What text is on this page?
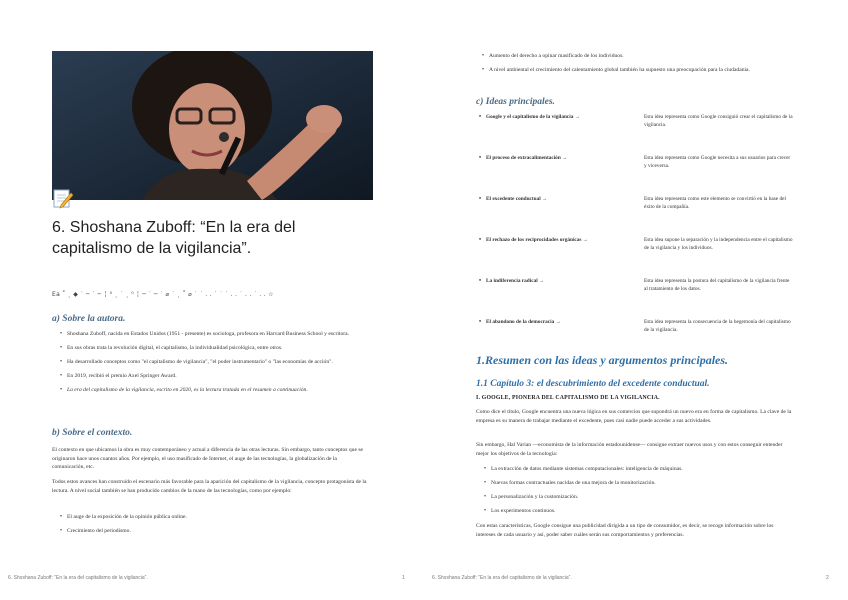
6. Shoshana Zuboff: “En la era del capitalismo de la vigilancia”.
Ea ˚ ˛ ◆ ˙ ─ ˙ ─ ╎ ⁰ ˛ ˙ ˛ ⁰ ╎ ─ ˙ ─ ˙ ⌀ ˙ ˛ ˚ ⌀ ˙ ˙ . . ˙ ˙ ˙ . . ˙ . . ˙ . . ☆
a) Sobre la autora.
• Shoshana Zuboff, nacida en Estados Unidos (1951 - presente) es sociologa, profesora en Harvard Business School y escritora.
• En sus obras trata la revolución digital, el capitalismo, la individualidad psicológica, entre otros.
• Ha desarrollado conceptos como "el capitalismo de vigilancia", "el poder instrumentario" o "las economías de acción".
• En 2019, recibió el premio Axel Springer Award.
• La era del capitalismo de la vigilancia, escrito en 2020, es la lectura tratada en el resumen a continuación.
b) Sobre el contexto.

El contexto en que ubicamos la obra es muy contemporáneo y actual a diferencia de las otras lecturas. Sin embargo, tanto conceptos que se originaron hace unos cuantos años. Por ejemplo, el uso masificado de Internet, el auge de las tecnologías, la globalización de la comunicación, etc.

Todos estos avances han construido el escenario más favorable para la aparición del capitalismo de la vigilancia, concepto protagonista de la lectura. A nivel social también se han producido cambios de la mano de las tecnologías, como por ejemplo:

• El auge de la exposición de la opinión pública online.
• Crecimiento del periodismo.
6. Shoshana Zuboff: “En la era del capitalismo de la vigilancia”.	1
• Aumento del derecho a opinar masificado de los individuos.
• A nivel ambiental el crecimiento del calentamiento global también ha supuesto una preocupación para la ciudadanía.
c) Ideas principales.
• Google y el capitalismo de la vigilancia →	Esta idea representa como Google consiguió crear el capitalismo de la vigilancia.
• El proceso de extracalimentación →	Esta idea representa como Google necesita a sus usuarios para crecer y viceversa.
• El excedente conductual →	Esta idea representa como este elemento se convirtió en la base del éxito de la compañía.
• El rechazo de los reciprocidades orgánicas →	Esta idea supone la separación y la independencia entre el capitalismo de la vigilancia y los individuos.
• La indiferencia radical →	Esta idea representa la postura del capitalismo de la vigilancia frente al tratamiento de los datos.
• El abandono de la democracia →	Esta idea representa la consecuencia de la hegemonía del capitalismo de la vigilancia.
1.Resumen con las ideas y argumentos principales.
1.1 Capítulo 3: el descubrimiento del excedente conductual.
I. GOOGLE, PIONERA DEL CAPITALISMO DE LA VIGILANCIA.

Como dice el título, Google encuentra una nueva lógica en sus comercios que supondrá un nuevo era en forma de capitalismo. La clave de la empresa es su manera de trabajar mediante el excedente, pues casi nadie puede acceder a sus actividades.

Sin embargo, Hal Varian —economista de la información estadounidense— consigue extraer nuevos usos y con estos conseguir entender mejor los objetivos de la tecnología:

• La extracción de datos mediante sistemas computacionales: inteligencia de máquinas.
• Nuevas formas contractuales nacidas de una mejora de la monitorización.
• La personalización y la customización.
• Los experimentos continuos.

Con estas características, Google consigue una publicidad dirigida a un tipo de consumidor, es decir, se recoge información sobre los intereses de cada usuario y así, poder saber cuáles serán sus comportamientos y preferencias.

6. Shoshana Zuboff: “En la era del capitalismo de la vigilancia”.	2
